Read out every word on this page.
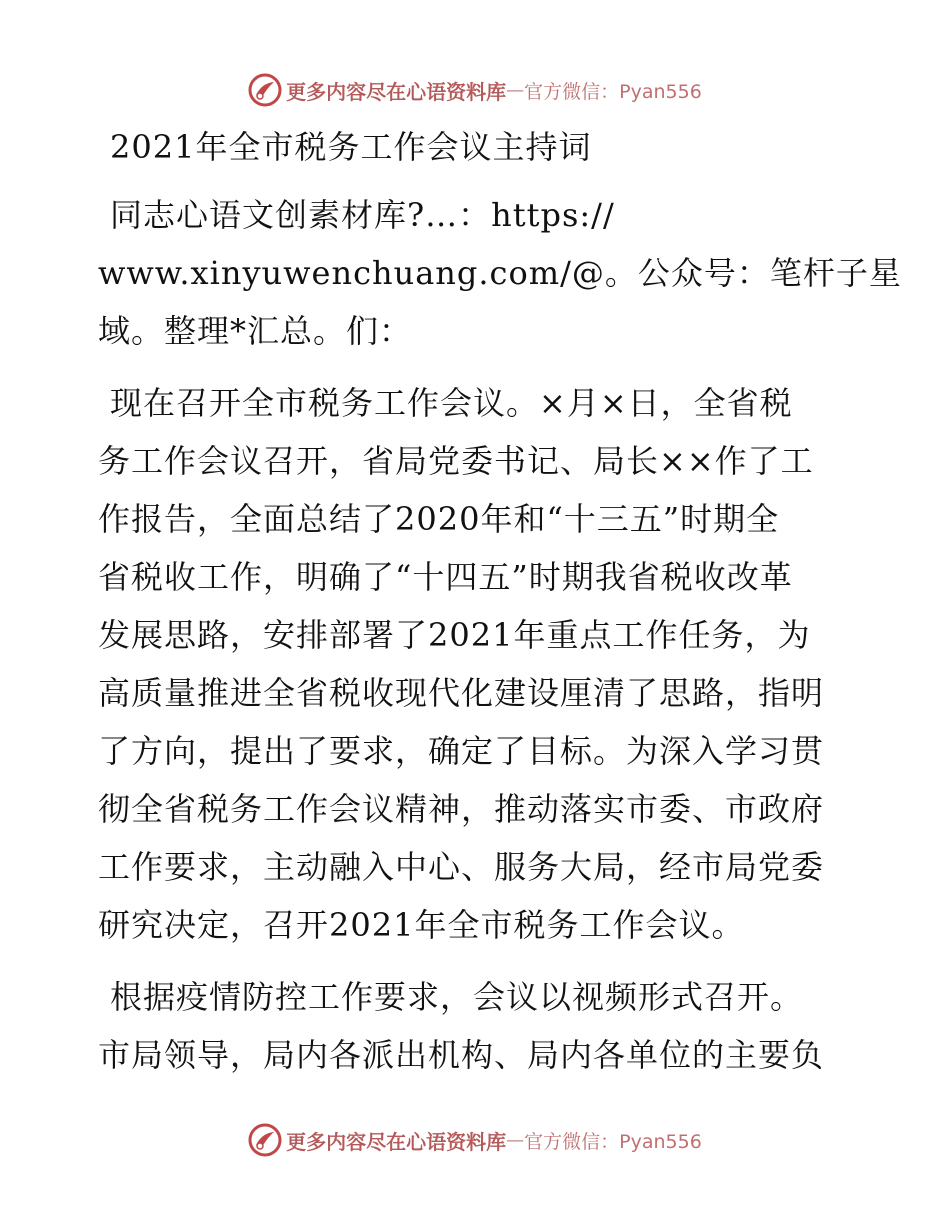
更多内容尽在心语资料库 — 官方微信：Pyan556
2021年全市税务工作会议主持词
同志心语文创素材库?…：https://
www.xinyuwenchuang.com/@。公众号：笔杆子星
域。整理*汇总。们：
现在召开全市税务工作会议。×月×日，全省税
务工作会议召开，省局党委书记、局长××作了工
作报告，全面总结了2020年和“十三五”时期全
省税收工作，明确了“十四五”时期我省税收改革
发展思路，安排部署了2021年重点工作任务，为
高质量推进全省税收现代化建设厘清了思路，指明
了方向，提出了要求，确定了目标。为深入学习贯
彻全省税务工作会议精神，推动落实市委、市政府
工作要求，主动融入中心、服务大局，经市局党委
研究决定，召开2021年全市税务工作会议。
根据疫情防控工作要求，会议以视频形式召开。
市局领导，局内各派出机构、局内各单位的主要负
更多内容尽在心语资料库 — 官方微信：Pyan556
